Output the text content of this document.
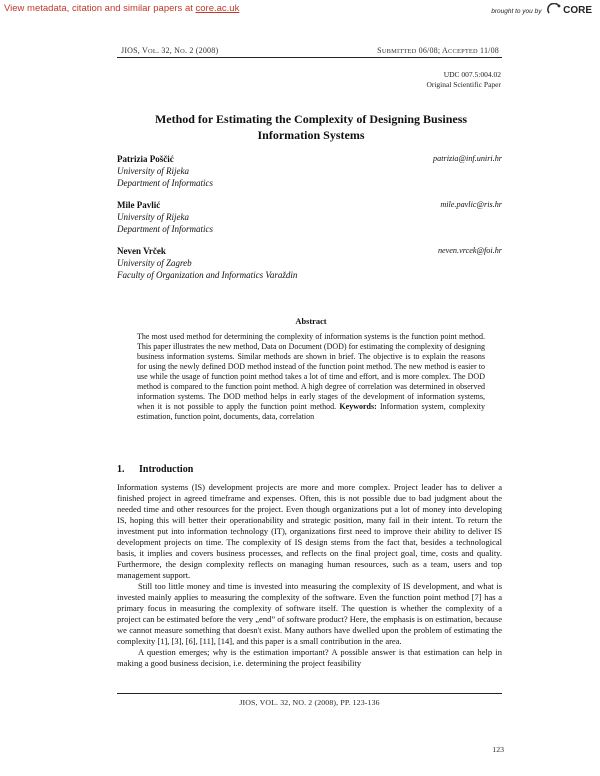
View metadata, citation and similar papers at core.ac.uk	brought to you by CORE
JIOS, VOL. 32, NO. 2 (2008)	SUBMITTED 06/08; ACCEPTED 11/08
UDC 007.5:004.02
Original Scientific Paper
Method for Estimating the Complexity of Designing Business
Information Systems
Patrizia Poščić	patrizia@inf.uniri.hr
University of Rijeka
Department of Informatics
Mile Pavlić	mile.pavlic@ris.hr
University of Rijeka
Department of Informatics
Neven Vrček	neven.vrcek@foi.hr
University of Zagreb
Faculty of Organization and Informatics Varaždin
Abstract
The most used method for determining the complexity of information systems is the function point method. This paper illustrates the new method, Data on Document (DOD) for estimating the complexity of designing business information systems. Similar methods are shown in brief. The objective is to explain the reasons for using the newly defined DOD method instead of the function point method. The new method is easier to use while the usage of function point method takes a lot of time and effort, and is more complex. The DOD method is compared to the function point method. A high degree of correlation was determined in observed information systems. The DOD method helps in early stages of the development of information systems, when it is not possible to apply the function point method. Keywords: Information system, complexity estimation, function point, documents, data, correlation
1. Introduction

Information systems (IS) development projects are more and more complex. Project leader has to deliver a finished project in agreed timeframe and expenses. Often, this is not possible due to bad judgment about the needed time and other resources for the project. Even though organizations put a lot of money into developing IS, hoping this will better their operationability and strategic position, many fail in their intent. To return the investment put into information technology (IT), organizations first need to improve their ability to deliver IS development projects on time. The complexity of IS design stems from the fact that, besides a technological basis, it implies and covers business processes, and reflects on the final project goal, time, costs and quality. Furthermore, the design complexity reflects on managing human resources, such as a team, users and top management support.

Still too little money and time is invested into measuring the complexity of IS development, and what is invested mainly applies to measuring the complexity of the software. Even the function point method [7] has a primary focus in measuring the complexity of software itself. The question is whether the complexity of a project can be estimated before the very „end” of software product? Here, the emphasis is on estimation, because we cannot measure something that doesn't exist. Many authors have dwelled upon the problem of estimating the complexity [1], [3], [6], [11], [14], and this paper is a small contribution in the area.

A question emerges; why is the estimation important? A possible answer is that estimation can help in making a good business decision, i.e. determining the project feasibility

JIOS, VOL. 32, NO. 2 (2008), PP. 123-136
123
